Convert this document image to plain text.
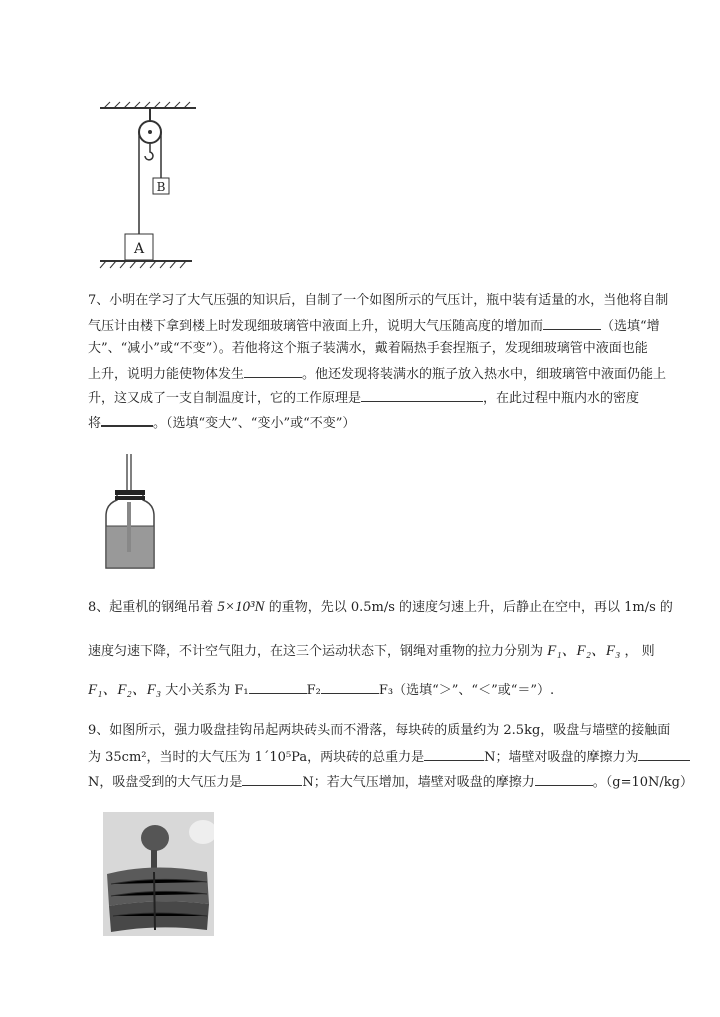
B
A
7、小明在学习了大气压强的知识后，自制了一个如图所示的气压计，瓶中装有适量的水，当他将自制
气压计由楼下拿到楼上时发现细玻璃管中液面上升，说明大气压随高度的增加而	（选填“增
大”、“减小”或“不变”）。若他将这个瓶子装满水，戴着隔热手套捏瓶子，发现细玻璃管中液面也能
上升，说明力能使物体发生	。他还发现将装满水的瓶子放入热水中，细玻璃管中液面仍能上
升，这又成了一支自制温度计，它的工作原理是	，在此过程中瓶内水的密度
将	。（选填“变大”、“变小”或“不变”）
8、起重机的钢绳吊着 5×10³N 的重物，先以 0.5m/s 的速度匀速上升，后静止在空中，再以 1m/s 的
速度匀速下降，不计空气阻力，在这三个运动状态下，钢绳对重物的拉力分别为 F₁、F₂、F₃ ， 则
F₁、F₂、F₃ 大小关系为 F₁	F₂	F₃（选填“＞”、“＜”或“＝”）.
9、如图所示，强力吸盘挂钩吊起两块砖头而不滑落，每块砖的质量约为 2.5kg，吸盘与墙壁的接触面
为 35cm²，当时的大气压为 1´10⁵Pa，两块砖的总重力是	N；墙壁对吸盘的摩擦力为
N，吸盘受到的大气压力是	N；若大气压增加，墙壁对吸盘的摩擦力	。（g=10N/kg）
